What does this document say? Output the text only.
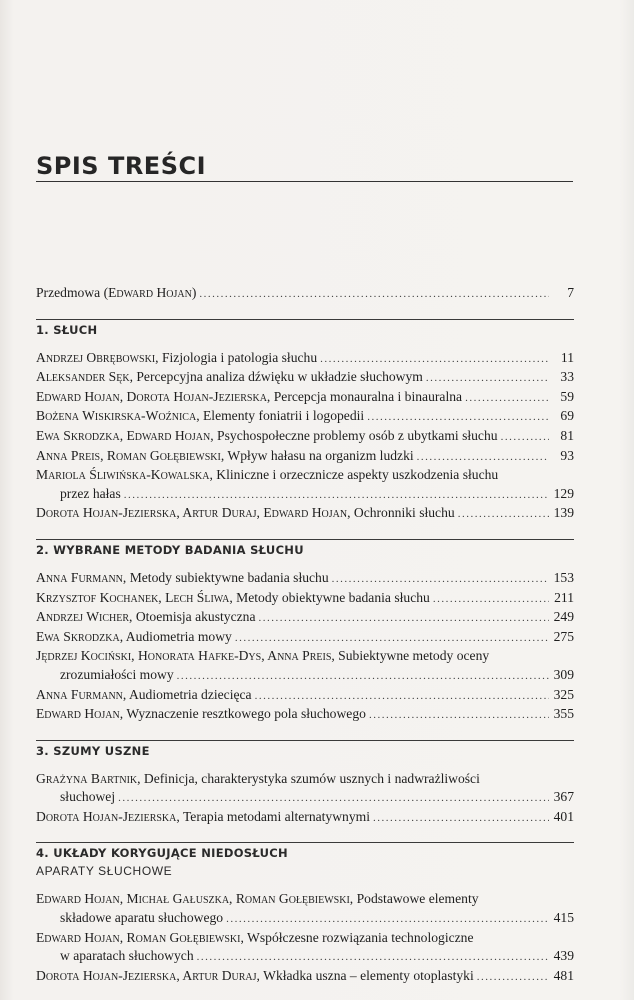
SPIS TREŚCI
Przedmowa (Edward Hojan) .....	7
1. SŁUCH
Andrzej Obrębowski, Fizjologia i patologia słuchu .....	11
Aleksander Sęk, Percepcyjna analiza dźwięku w układzie słuchowym .....	33
Edward Hojan, Dorota Hojan-Jezierska, Percepcja monauralna i binauralna .....	59
Bożena Wiskirska-Woźnica, Elementy foniatrii i logopedii .....	69
Ewa Skrodzka, Edward Hojan, Psychospołeczne problemy osób z ubytkami słuchu .....	81
Anna Preis, Roman Gołębiewski, Wpływ hałasu na organizm ludzki .....	93
Mariola Śliwińska-Kowalska, Kliniczne i orzecznicze aspekty uszkodzenia słuchu
przez hałas .....	129
Dorota Hojan-Jezierska, Artur Duraj, Edward Hojan, Ochronniki słuchu .....	139
2. WYBRANE METODY BADANIA SŁUCHU
Anna Furmann, Metody subiektywne badania słuchu .....	153
Krzysztof Kochanek, Lech Śliwa, Metody obiektywne badania słuchu .....	211
Andrzej Wicher, Otoemisja akustyczna .....	249
Ewa Skrodzka, Audiometria mowy .....	275
Jędrzej Kociński, Honorata Hafke-Dys, Anna Preis, Subiektywne metody oceny
zrozumiałości mowy .....	309
Anna Furmann, Audiometria dziecięca .....	325
Edward Hojan, Wyznaczenie resztkowego pola słuchowego .....	355
3. SZUMY USZNE
Grażyna Bartnik, Definicja, charakterystyka szumów usznych i nadwrażliwości
słuchowej .....	367
Dorota Hojan-Jezierska, Terapia metodami alternatywnymi .....	401
4. UKŁADY KORYGUJĄCE NIEDOSŁUCH
APARATY SŁUCHOWE
Edward Hojan, Michał Gałuszka, Roman Gołębiewski, Podstawowe elementy
składowe aparatu słuchowego .....	415
Edward Hojan, Roman Gołębiewski, Współczesne rozwiązania technologiczne
w aparatach słuchowych .....	439
Dorota Hojan-Jezierska, Artur Duraj, Wkładka uszna – elementy otoplastyki .....	481
